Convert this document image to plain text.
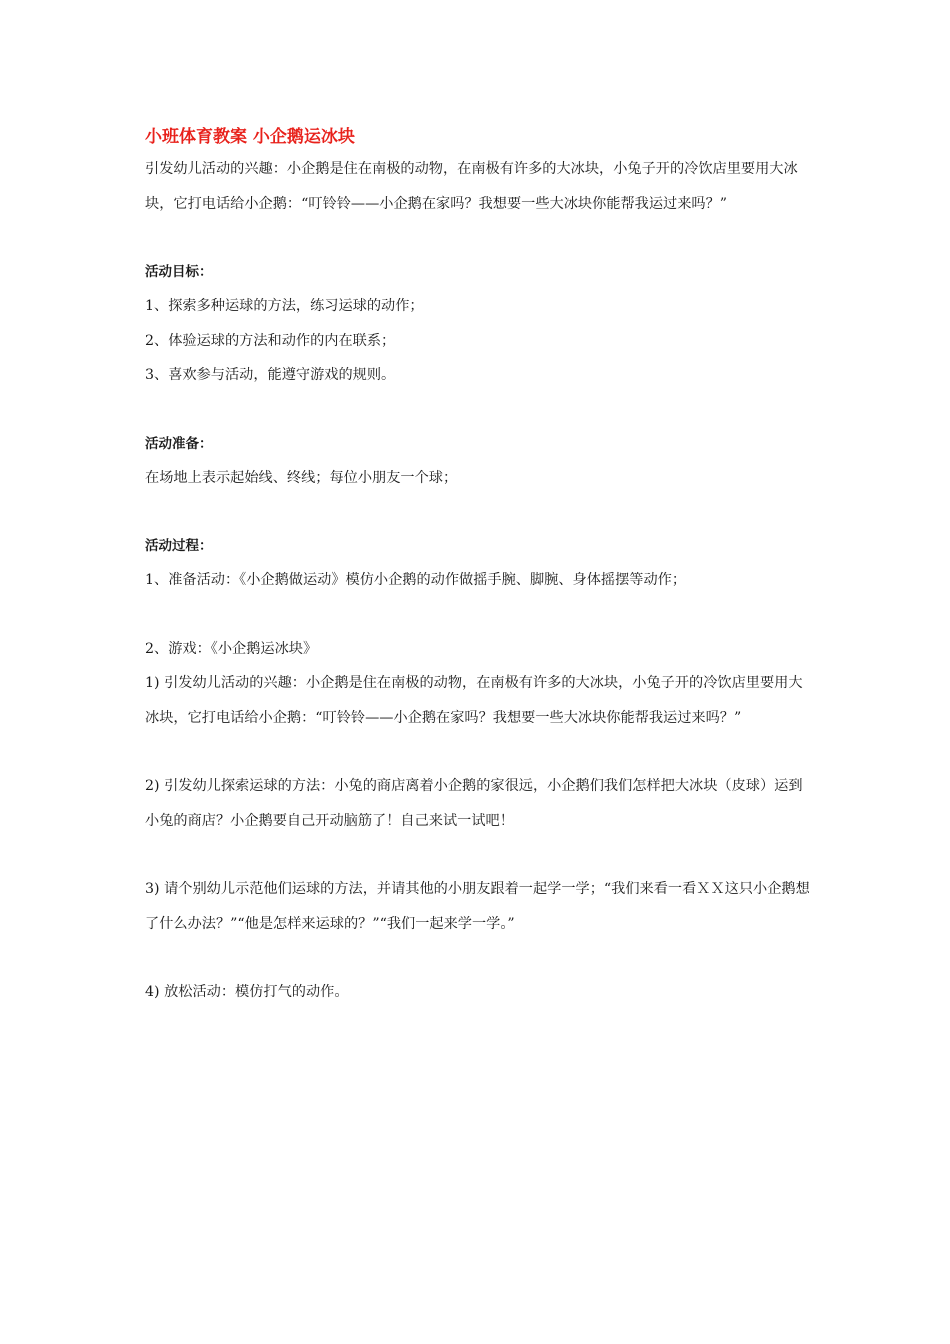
小班体育教案 小企鹅运冰块

引发幼儿活动的兴趣：小企鹅是住在南极的动物，在南极有许多的大冰块，小兔子开的冷饮店里要用大冰块，它打电话给小企鹅：“叮铃铃——小企鹅在家吗？我想要一些大冰块你能帮我运过来吗？”

活动目标：

1、探索多种运球的方法，练习运球的动作；

2、体验运球的方法和动作的内在联系；

3、喜欢参与活动，能遵守游戏的规则。

活动准备：

在场地上表示起始线、终线；每位小朋友一个球；

活动过程：

1、准备活动：《小企鹅做运动》模仿小企鹅的动作做摇手腕、脚腕、身体摇摆等动作；

2、游戏：《小企鹅运冰块》

1) 引发幼儿活动的兴趣：小企鹅是住在南极的动物，在南极有许多的大冰块，小兔子开的冷饮店里要用大冰块，它打电话给小企鹅：“叮铃铃——小企鹅在家吗？我想要一些大冰块你能帮我运过来吗？”

2) 引发幼儿探索运球的方法：小兔的商店离着小企鹅的家很远，小企鹅们我们怎样把大冰块（皮球）运到小兔的商店？小企鹅要自己开动脑筋了！自己来试一试吧！

3) 请个别幼儿示范他们运球的方法，并请其他的小朋友跟着一起学一学；“我们来看一看ＸＸ这只小企鹅想了什么办法？”“他是怎样来运球的？”“我们一起来学一学。”

4) 放松活动：模仿打气的动作。
